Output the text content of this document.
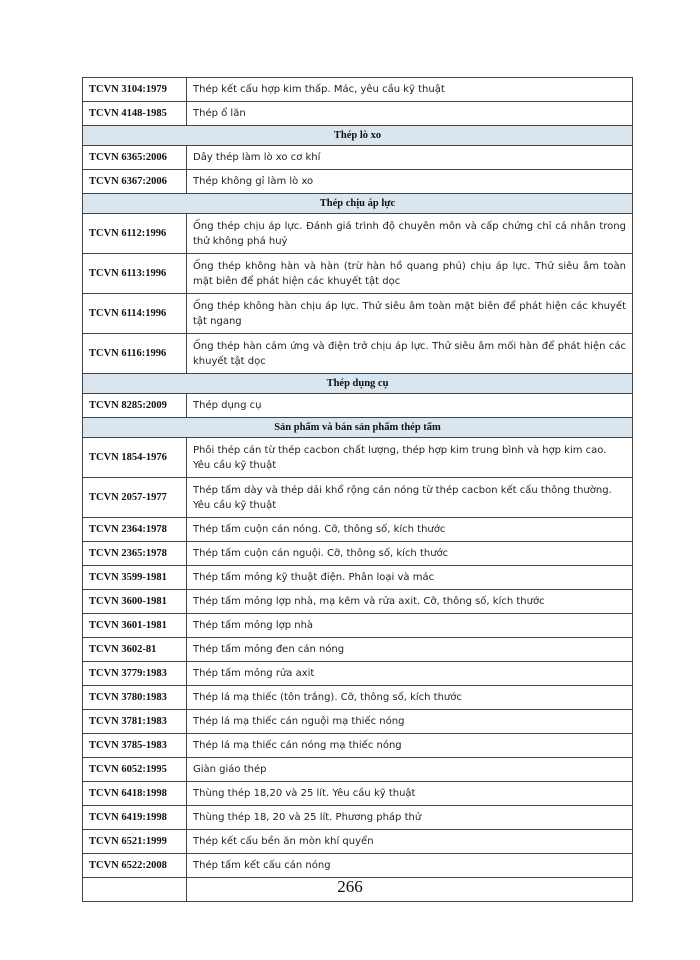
TCVN 3104:1979	Thép kết cấu hợp kim thấp. Mác, yêu cầu kỹ thuật
TCVN 4148-1985	Thép ổ lăn
Thép lò xo	
TCVN 6365:2006	Dây thép làm lò xo cơ khí
TCVN 6367:2006	Thép không gỉ làm lò xo
Thép chịu áp lực	
TCVN 6112:1996	Ống thép chịu áp lực. Đánh giá trình độ chuyên môn và cấp chứng chỉ cá nhân trong thử không phá huỷ
TCVN 6113:1996	Ống thép không hàn và hàn (trừ hàn hồ quang phủ) chịu áp lực. Thử siêu âm toàn mặt biên để phát hiện các khuyết tật dọc
TCVN 6114:1996	Ống thép không hàn chịu áp lực. Thử siêu âm toàn mặt biên để phát hiện các khuyết tật ngang
TCVN 6116:1996	Ống thép hàn cảm ứng và điện trở chịu áp lực. Thử siêu âm mối hàn để phát hiện các khuyết tật dọc
Thép dụng cụ	
TCVN 8285:2009	Thép dụng cụ
Sản phẩm và bán sản phẩm thép tấm	
TCVN 1854-1976	Phôi thép cán từ thép cacbon chất lượng, thép hợp kim trung bình và hợp kim cao. Yêu cầu kỹ thuật
TCVN 2057-1977	Thép tấm dày và thép dải khổ rộng cán nóng từ thép cacbon kết cấu thông thường. Yêu cầu kỹ thuật
TCVN 2364:1978	Thép tấm cuộn cán nóng. Cỡ, thông số, kích thước
TCVN 2365:1978	Thép tấm cuộn cán nguội. Cỡ, thông số, kích thước
TCVN 3599-1981	Thép tấm mỏng kỹ thuật điện. Phân loại và mác
TCVN 3600-1981	Thép tấm mỏng lợp nhà, mạ kẽm và rửa axit. Cỡ, thông số, kích thước
TCVN 3601-1981	Thép tấm mỏng lợp nhà
TCVN 3602-81	Thép tấm mỏng đen cán nóng
TCVN 3779:1983	Thép tấm mỏng rửa axit
TCVN 3780:1983	Thép lá mạ thiếc (tôn trắng). Cỡ, thông số, kích thước
TCVN 3781:1983	Thép lá mạ thiếc cán nguội mạ thiếc nóng
TCVN 3785-1983	Thép lá mạ thiếc cán nóng mạ thiếc nóng
TCVN 6052:1995	Giàn giáo thép
TCVN 6418:1998	Thùng thép 18,20 và 25 lít. Yêu cầu kỹ thuật
TCVN 6419:1998	Thùng thép 18, 20 và 25 lít. Phương pháp thử
TCVN 6521:1999	Thép kết cấu bền ăn mòn khí quyển
TCVN 6522:2008	Thép tấm kết cấu cán nóng

266
